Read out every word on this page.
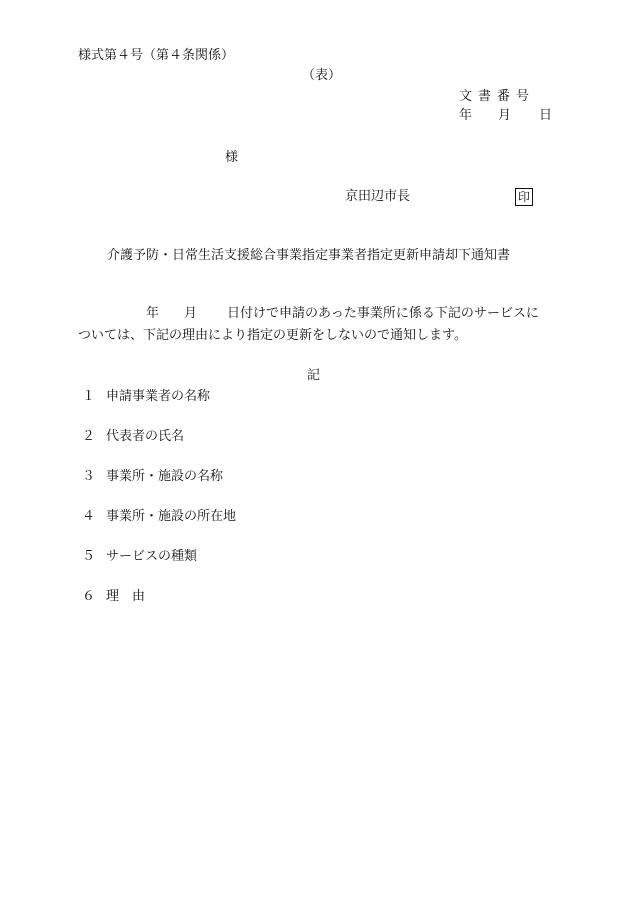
様式第４号（第４条関係）
（表）
文書番号
年 月 日
様
京田辺市長	印
介護予防・日常生活支援総合事業指定事業者指定更新申請却下通知書
年 月 日付けで申請のあった事業所に係る下記のサービスに
ついては、下記の理由により指定の更新をしないので通知します。
記
１ 申請事業者の名称
２ 代表者の氏名
３ 事業所・施設の名称
４ 事業所・施設の所在地
５ サービスの種類
６ 理　由
